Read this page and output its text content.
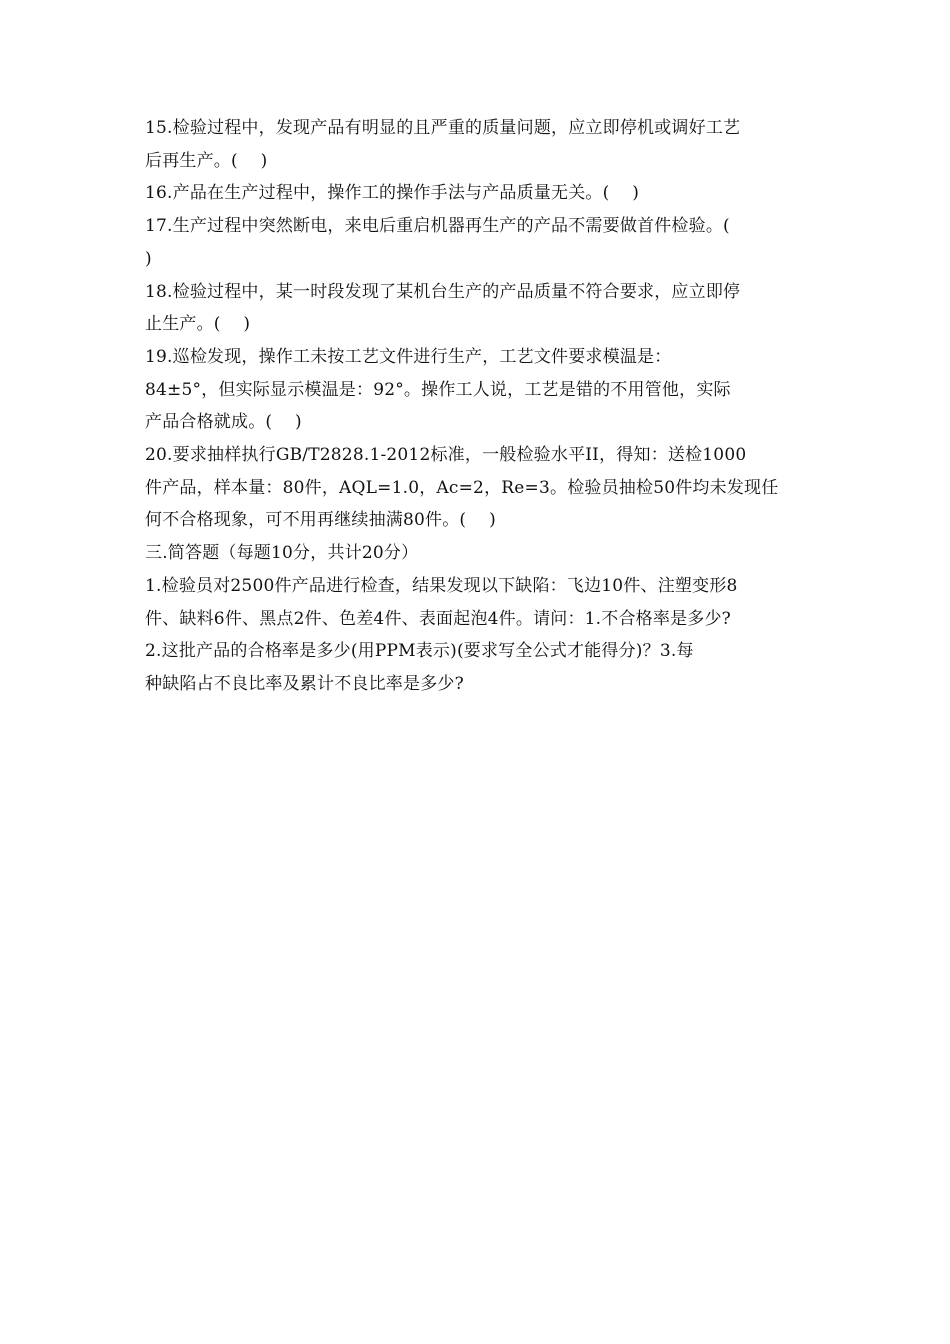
15.检验过程中，发现产品有明显的且严重的质量问题，应立即停机或调好工艺
后再生产。(　 )
16.产品在生产过程中，操作工的操作手法与产品质量无关。(　 )
17.生产过程中突然断电，来电后重启机器再生产的产品不需要做首件检验。(
)
18.检验过程中，某一时段发现了某机台生产的产品质量不符合要求，应立即停
止生产。(　 )
19.巡检发现，操作工未按工艺文件进行生产，工艺文件要求模温是：
84±5°，但实际显示模温是：92°。操作工人说，工艺是错的不用管他，实际
产品合格就成。(　 )
20.要求抽样执行GB/T2828.1-2012标准，一般检验水平II，得知：送检1000
件产品，样本量：80件，AQL=1.0，Ac=2，Re=3。检验员抽检50件均未发现任
何不合格现象，可不用再继续抽满80件。(　 )
三.简答题（每题10分，共计20分）
1.检验员对2500件产品进行检查，结果发现以下缺陷：飞边10件、注塑变形8
件、缺料6件、黑点2件、色差4件、表面起泡4件。请问：1.不合格率是多少?
2.这批产品的合格率是多少(用PPM表示)(要求写全公式才能得分)？3.每
种缺陷占不良比率及累计不良比率是多少?
